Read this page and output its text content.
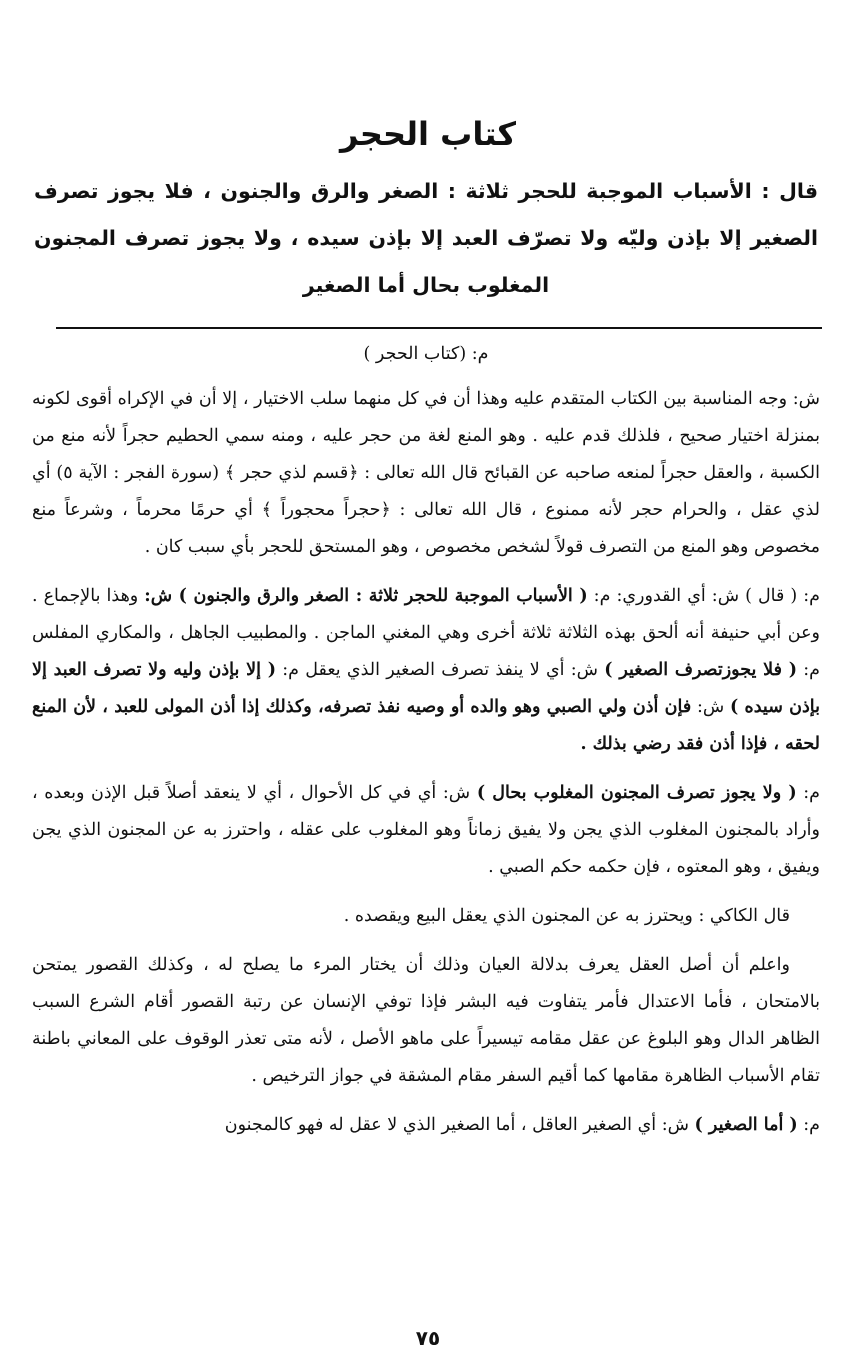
كتاب الحجر
قال : الأسباب الموجبة للحجر ثلاثة : الصغر والرق والجنون ، فلا يجوز تصرف الصغير إلا بإذن وليّه ولا تصرّف العبد إلا بإذن سيده ، ولا يجوز تصرف المجنون المغلوب بحال أما الصغير

م: (كتاب الحجر )

ش: وجه المناسبة بين الكتاب المتقدم عليه وهذا أن في كل منهما سلب الاختيار ، إلا أن في الإكراه أقوى لكونه بمنزلة اختيار صحيح ، فلذلك قدم عليه . وهو المنع لغة من حجر عليه ، ومنه سمي الحطيم حجراً لأنه منع من الكسبة ، والعقل حجراً لمنعه صاحبه عن القبائح قال الله تعالى : ﴿قسم لذي حجر ﴾ (سورة الفجر : الآية ٥) أي لذي عقل ، والحرام حجر لأنه ممنوع ، قال الله تعالى : ﴿حجراً محجوراً ﴾ أي حرمًا محرماً ، وشرعاً منع مخصوص وهو المنع من التصرف قولاً لشخص مخصوص ، وهو المستحق للحجر بأي سبب كان .

م: ( قال ) ش: أي القدوري: م: ( الأسباب الموجبة للحجر ثلاثة : الصغر والرق والجنون ) ش: وهذا بالإجماع . وعن أبي حنيفة أنه ألحق بهذه الثلاثة ثلاثة أخرى وهي المغني الماجن . والمطبيب الجاهل ، والمكاري المفلس م: ( فلا يجوزتصرف الصغير ) ش: أي لا ينفذ تصرف الصغير الذي يعقل م: ( إلا بإذن وليه ولا تصرف العبد إلا بإذن سيده ) ش: فإن أذن ولي الصبي وهو والده أو وصيه نفذ تصرفه، وكذلك إذا أذن المولى للعبد ، لأن المنع لحقه ، فإذا أذن فقد رضي بذلك .

م: ( ولا يجوز تصرف المجنون المغلوب بحال ) ش: أي في كل الأحوال ، أي لا ينعقد أصلاً قبل الإذن وبعده ، وأراد بالمجنون المغلوب الذي يجن ولا يفيق زماناً وهو المغلوب على عقله ، واحترز به عن المجنون الذي يجن ويفيق ، وهو المعتوه ، فإن حكمه حكم الصبي .

قال الكاكي : ويحترز به عن المجنون الذي يعقل البيع ويقصده .

واعلم أن أصل العقل يعرف بدلالة العيان وذلك أن يختار المرء ما يصلح له ، وكذلك القصور يمتحن بالامتحان ، فأما الاعتدال فأمر يتفاوت فيه البشر فإذا توفي الإنسان عن رتبة القصور أقام الشرع السبب الظاهر الدال وهو البلوغ عن عقل مقامه تيسيراً على ماهو الأصل ، لأنه متى تعذر الوقوف على المعاني باطنة تقام الأسباب الظاهرة مقامها كما أقيم السفر مقام المشقة في جواز الترخيص .

م: ( أما الصغير ) ش: أي الصغير العاقل ، أما الصغير الذي لا عقل له فهو كالمجنون

٧٥
